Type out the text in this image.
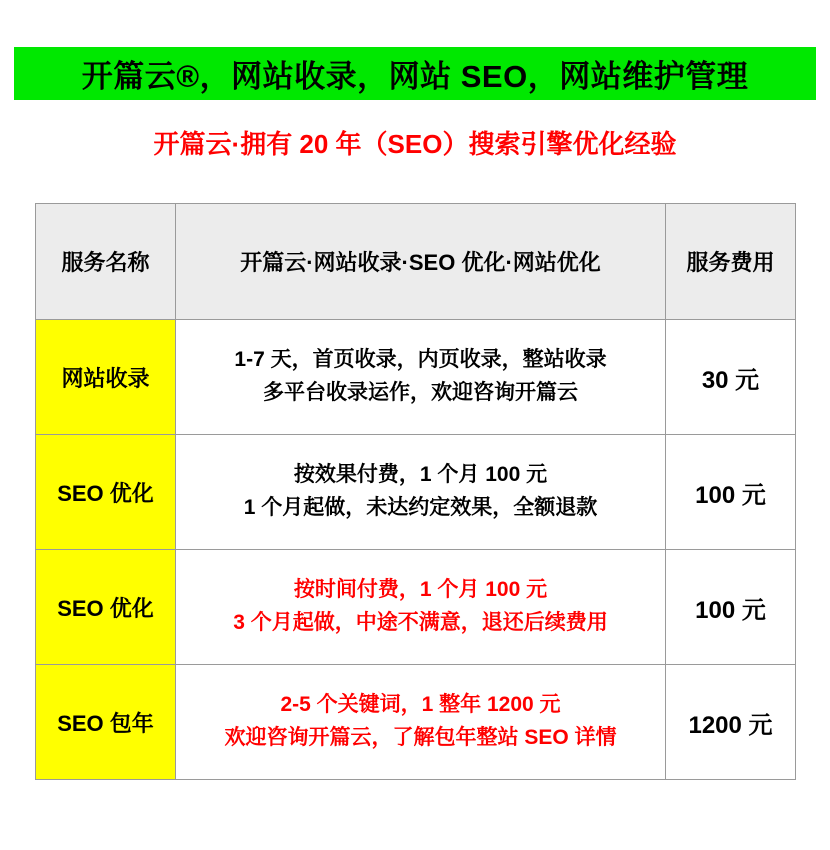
开篇云®，网站收录，网站 SEO，网站维护管理
开篇云·拥有 20 年（SEO）搜索引擎优化经验
服务名称	开篇云·网站收录·SEO 优化·网站优化	服务费用
网站收录	1-7 天，首页收录，内页收录，整站收录
多平台收录运作，欢迎咨询开篇云	30 元
SEO 优化	按效果付费，1 个月 100 元
1 个月起做，未达约定效果，全额退款	100 元
SEO 优化	按时间付费，1 个月 100 元
3 个月起做，中途不满意，退还后续费用	100 元
SEO 包年	2-5 个关键词，1 整年 1200 元
欢迎咨询开篇云，了解包年整站 SEO 详情	1200 元
